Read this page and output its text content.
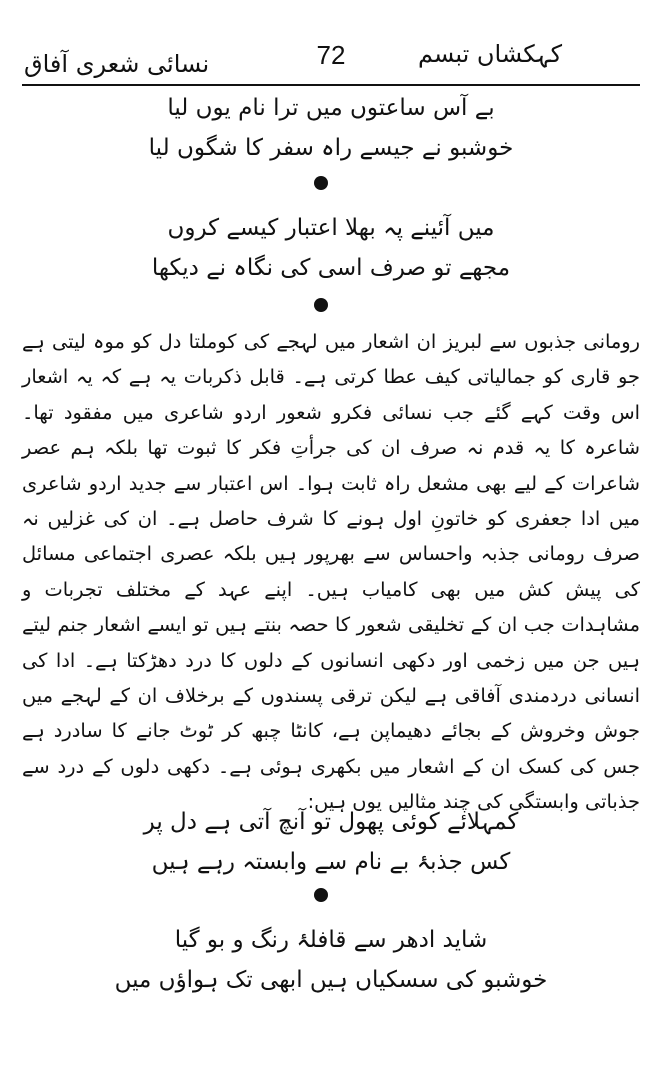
کہکشاں تبسم
72
نسائی شعری آفاق
بے آس ساعتوں میں ترا نام یوں لیا
خوشبو نے جیسے راہ سفر کا شگوں لیا
میں آئینے پہ بھلا اعتبار کیسے کروں
مجھے تو صرف اسی کی نگاہ نے دیکھا

رومانی جذبوں سے لبریز ان اشعار میں لہجے کی کوملتا دل کو موہ لیتی ہے جو قاری کو جمالیاتی کیف عطا کرتی ہے۔ قابل ذکربات یہ ہے کہ یہ اشعار اس وقت کہے گئے جب نسائی فکرو شعور اردو شاعری میں مفقود تھا۔ شاعرہ کا یہ قدم نہ صرف ان کی جرأتِ فکر کا ثبوت تھا بلکہ ہم عصر شاعرات کے لیے بھی مشعل راہ ثابت ہوا۔ اس اعتبار سے جدید اردو شاعری میں ادا جعفری کو خاتونِ اول ہونے کا شرف حاصل ہے۔ ان کی غزلیں نہ صرف رومانی جذبہ واحساس سے بھرپور ہیں بلکہ عصری اجتماعی مسائل کی پیش کش میں بھی کامیاب ہیں۔ اپنے عہد کے مختلف تجربات و مشاہدات جب ان کے تخلیقی شعور کا حصہ بنتے ہیں تو ایسے اشعار جنم لیتے ہیں جن میں زخمی اور دکھی انسانوں کے دلوں کا درد دھڑکتا ہے۔ ادا کی انسانی دردمندی آفاقی ہے لیکن ترقی پسندوں کے برخلاف ان کے لہجے میں جوش وخروش کے بجائے دھیماپن ہے، کانٹا چبھ کر ٹوٹ جانے کا سادرد ہے جس کی کسک ان کے اشعار میں بکھری ہوئی ہے۔ دکھی دلوں کے درد سے جذباتی وابستگی کی چند مثالیں یوں ہیں:

کمہلائے کوئی پھول تو آنچ آتی ہے دل پر
کس جذبۂ بے نام سے وابستہ رہے ہیں
شاید ادھر سے قافلۂ رنگ و بو گیا
خوشبو کی سسکیاں ہیں ابھی تک ہواؤں میں
